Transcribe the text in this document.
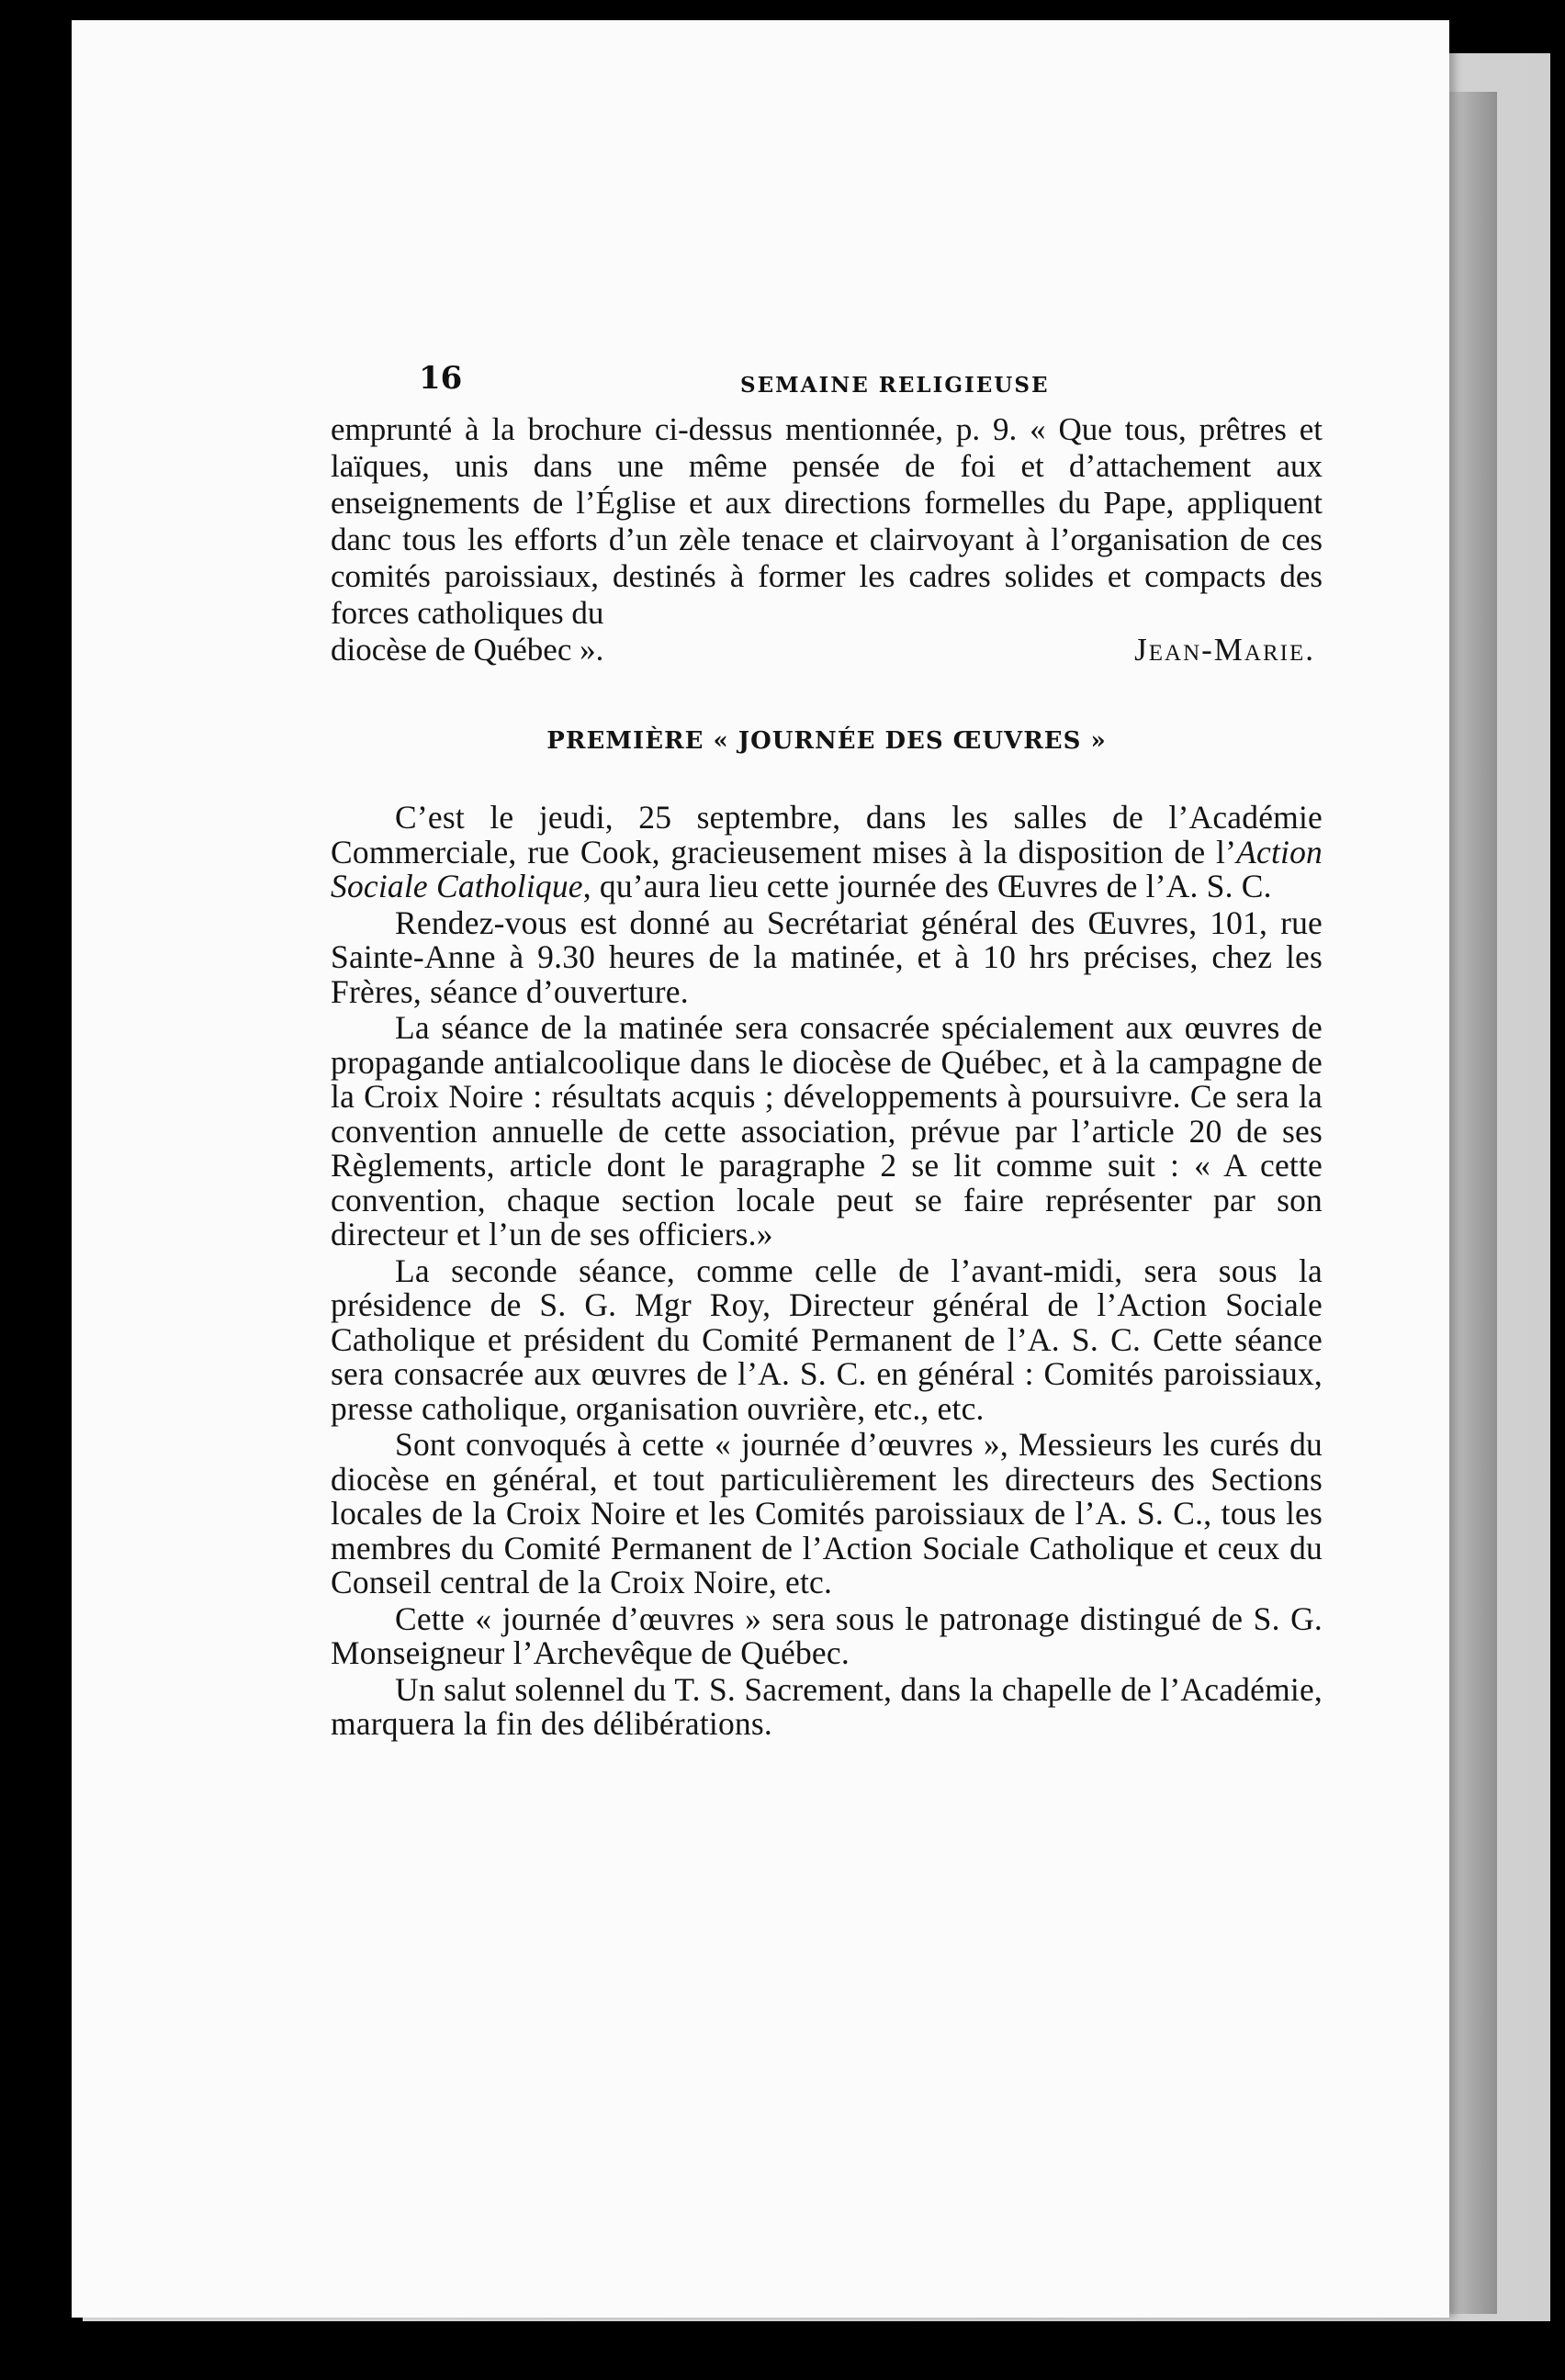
16	SEMAINE RELIGIEUSE

emprunté à la brochure ci-dessus mentionnée, p. 9. « Que tous, prêtres et laïques, unis dans une même pensée de foi et d’attachement aux enseignements de l’Église et aux directions formelles du Pape, appliquent danc tous les efforts d’un zèle tenace et clairvoyant à l’organisation de ces comités paroissiaux, destinés à former les cadres solides et compacts des forces catholiques du

diocèse de Québec ».	Jean-Marie.
PREMIÈRE « JOURNÉE DES ŒUVRES »

C’est le jeudi, 25 septembre, dans les salles de l’Académie Commerciale, rue Cook, gracieusement mises à la disposition de l’Action Sociale Catholique, qu’aura lieu cette journée des Œuvres de l’A. S. C.

Rendez-vous est donné au Secrétariat général des Œuvres, 101, rue Sainte-Anne à 9.30 heures de la matinée, et à 10 hrs précises, chez les Frères, séance d’ouverture.

La séance de la matinée sera consacrée spécialement aux œuvres de propagande antialcoolique dans le diocèse de Québec, et à la campagne de la Croix Noire : résultats acquis ; développements à poursuivre. Ce sera la convention annuelle de cette association, prévue par l’article 20 de ses Règlements, article dont le paragraphe 2 se lit comme suit : « A cette convention, chaque section locale peut se faire représenter par son directeur et l’un de ses officiers.»

La seconde séance, comme celle de l’avant-midi, sera sous la présidence de S. G. Mgr Roy, Directeur général de l’Action Sociale Catholique et président du Comité Permanent de l’A. S. C. Cette séance sera consacrée aux œuvres de l’A. S. C. en général : Comités paroissiaux, presse catholique, organisation ouvrière, etc., etc.

Sont convoqués à cette « journée d’œuvres », Messieurs les curés du diocèse en général, et tout particulièrement les directeurs des Sections locales de la Croix Noire et les Comités paroissiaux de l’A. S. C., tous les membres du Comité Permanent de l’Action Sociale Catholique et ceux du Conseil central de la Croix Noire, etc.

Cette « journée d’œuvres » sera sous le patronage distingué de S. G. Monseigneur l’Archevêque de Québec.

Un salut solennel du T. S. Sacrement, dans la chapelle de l’Académie, marquera la fin des délibérations.
